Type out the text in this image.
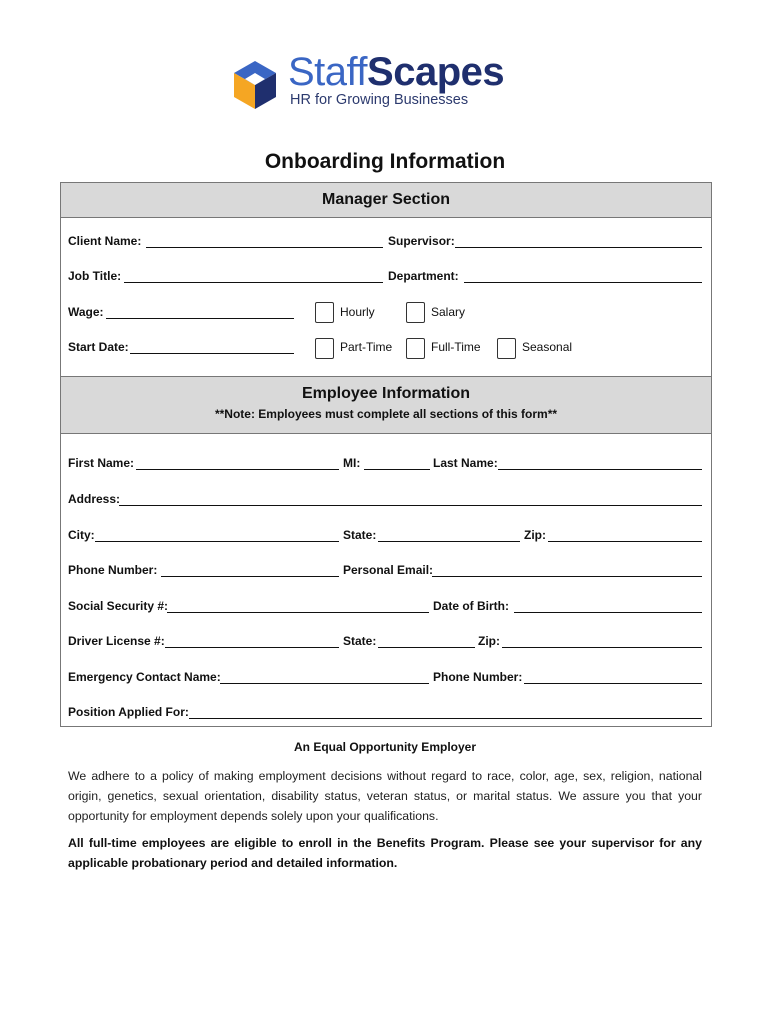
StaffScapes
HR for Growing Businesses
Onboarding Information
Manager Section
Client Name:	Supervisor:
Job Title:	Department:
Wage:	Hourly	Salary
Start Date:	Part-Time	Full-Time	Seasonal
Employee Information
**Note: Employees must complete all sections of this form**
First Name:	MI:	Last Name:
Address:
City:	State:	Zip:
Phone Number:	Personal Email:
Social Security #:	Date of Birth:
Driver License #:	State:	Zip:
Emergency Contact Name:	Phone Number:
Position Applied For:
An Equal Opportunity Employer
We adhere to a policy of making employment decisions without regard to race, color, age, sex, religion, national origin, genetics, sexual orientation, disability status, veteran status, or marital status. We assure you that your opportunity for employment depends solely upon your qualifications.
All full-time employees are eligible to enroll in the Benefits Program. Please see your supervisor for any applicable probationary period and detailed information.
